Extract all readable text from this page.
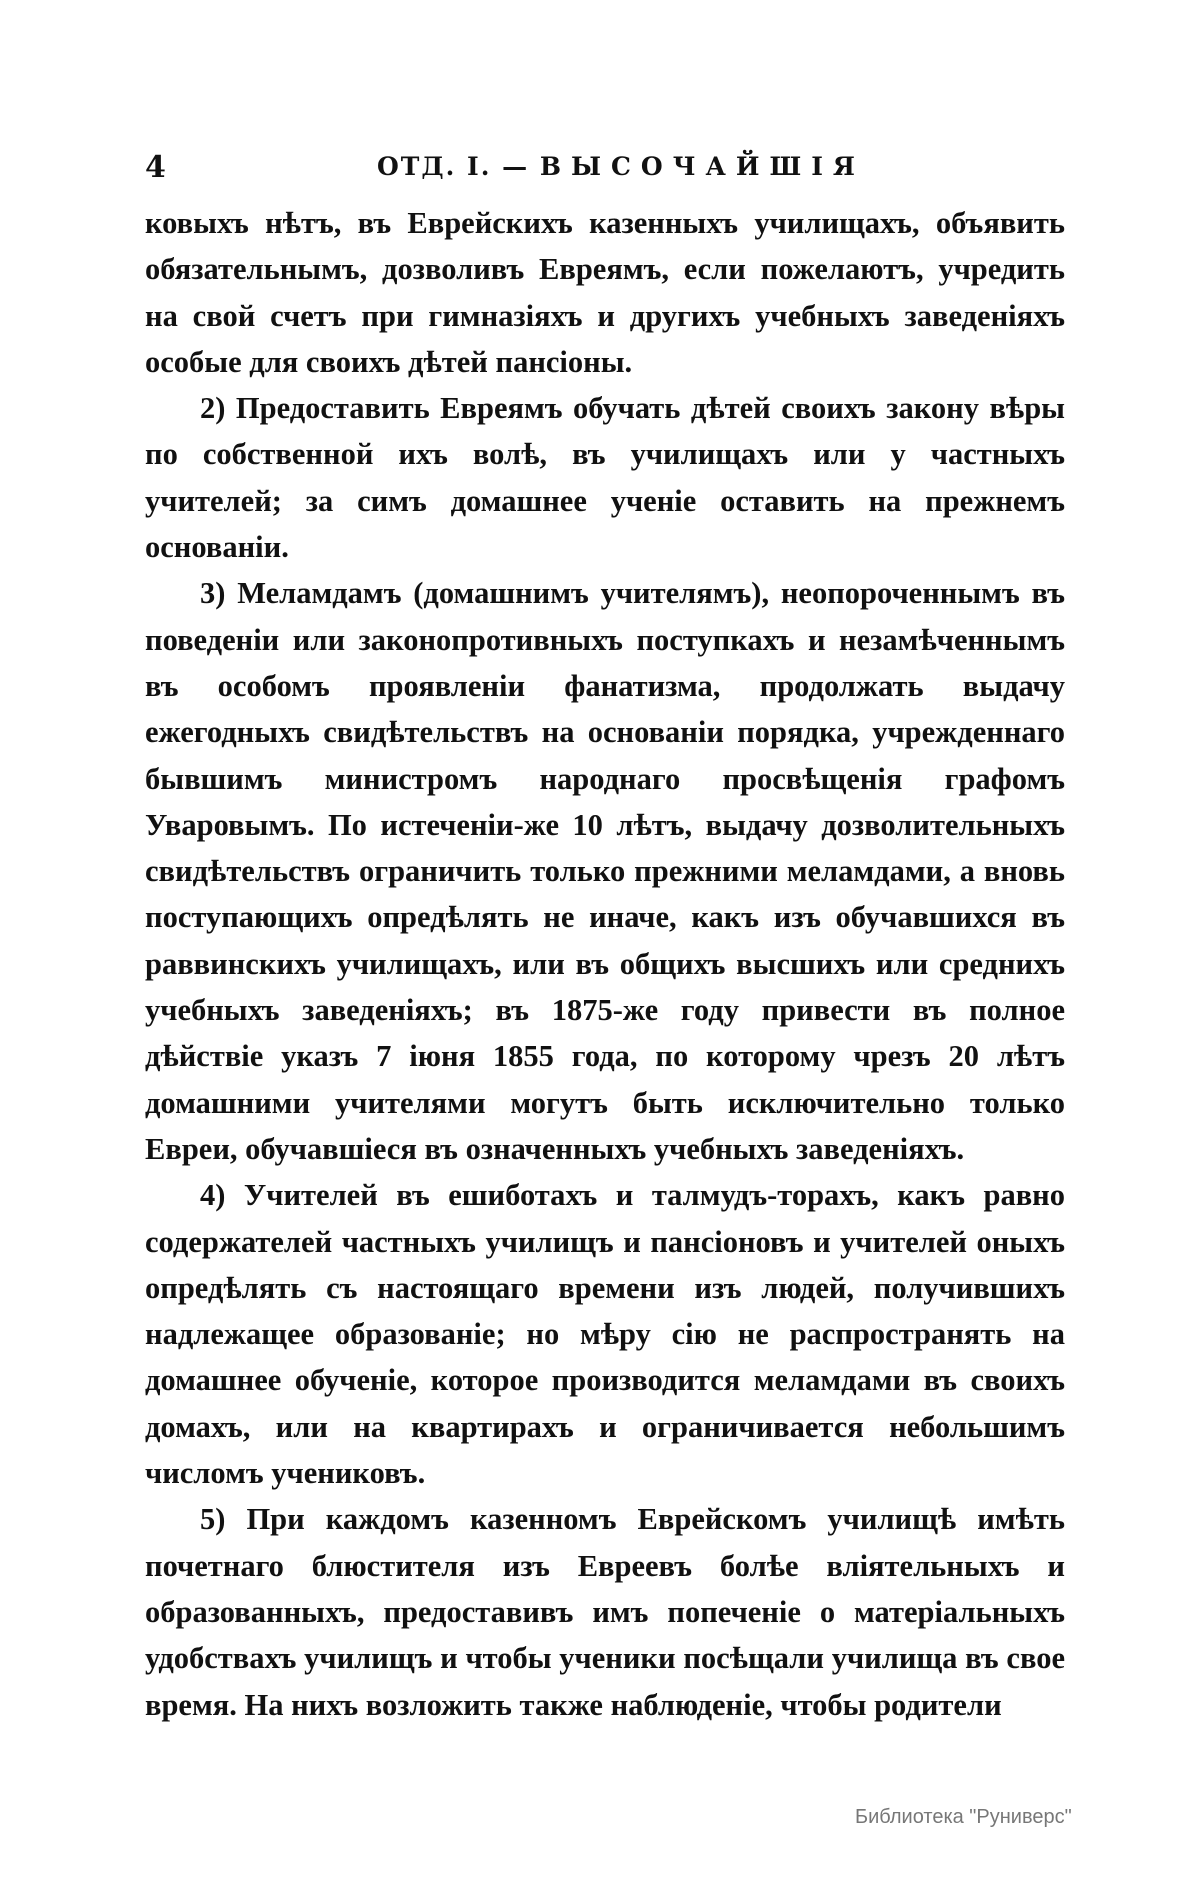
4	ОТД. I. — ВЫСОЧАЙШІЯ

ковыхъ нѣтъ, въ Еврейскихъ казенныхъ училищахъ, объявить обязательнымъ, дозволивъ Евреямъ, если пожелаютъ, учредить на свой счетъ при гимназіяхъ и другихъ учебныхъ заведеніяхъ особые для своихъ дѣтей пансіоны.

2) Предоставить Евреямъ обучать дѣтей своихъ закону вѣры по собственной ихъ волѣ, въ училищахъ или у частныхъ учителей; за симъ домашнее ученіе оставить на прежнемъ основаніи.

3) Меламдамъ (домашнимъ учителямъ), неопороченнымъ въ поведеніи или законопротивныхъ поступкахъ и незамѣченнымъ въ особомъ проявленіи фанатизма, продолжать выдачу ежегодныхъ свидѣтельствъ на основаніи порядка, учрежденнаго бывшимъ министромъ народнаго просвѣщенія графомъ Уваровымъ. По истеченіи-же 10 лѣтъ, выдачу дозволительныхъ свидѣтельствъ ограничить только прежними меламдами, а вновь поступающихъ опредѣлять не иначе, какъ изъ обучавшихся въ раввинскихъ училищахъ, или въ общихъ высшихъ или среднихъ учебныхъ заведеніяхъ; въ 1875-же году привести въ полное дѣйствіе указъ 7 іюня 1855 года, по которому чрезъ 20 лѣтъ домашними учителями могутъ быть исключительно только Евреи, обучавшіеся въ означенныхъ учебныхъ заведеніяхъ.

4) Учителей въ ешиботахъ и талмудъ-торахъ, какъ равно содержателей частныхъ училищъ и пансіоновъ и учителей оныхъ опредѣлять съ настоящаго времени изъ людей, получившихъ надлежащее образованіе; но мѣру сію не распространять на домашнее обученіе, которое производится меламдами въ своихъ домахъ, или на квартирахъ и ограничивается небольшимъ числомъ учениковъ.

5) При каждомъ казенномъ Еврейскомъ училищѣ имѣть почетнаго блюстителя изъ Евреевъ болѣе вліятельныхъ и образованныхъ, предоставивъ имъ попеченіе о матеріальныхъ удобствахъ училищъ и чтобы ученики посѣщали училища въ свое время. На нихъ возложить также наблюденіе, чтобы родители

Библиотека "Руниверс"
